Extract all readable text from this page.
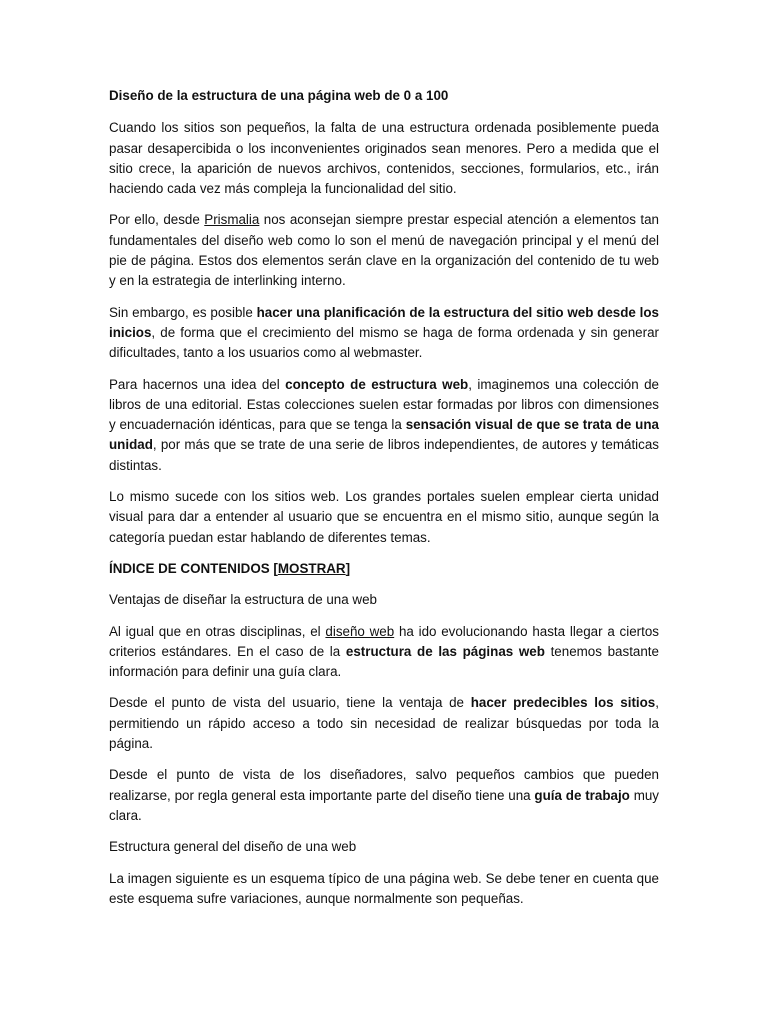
Diseño de la estructura de una página web de 0 a 100

Cuando los sitios son pequeños, la falta de una estructura ordenada posiblemente pueda pasar desapercibida o los inconvenientes originados sean menores. Pero a medida que el sitio crece, la aparición de nuevos archivos, contenidos, secciones, formularios, etc., irán haciendo cada vez más compleja la funcionalidad del sitio.

Por ello, desde Prismalia nos aconsejan siempre prestar especial atención a elementos tan fundamentales del diseño web como lo son el menú de navegación principal y el menú del pie de página. Estos dos elementos serán clave en la organización del contenido de tu web y en la estrategia de interlinking interno.

Sin embargo, es posible hacer una planificación de la estructura del sitio web desde los inicios, de forma que el crecimiento del mismo se haga de forma ordenada y sin generar dificultades, tanto a los usuarios como al webmaster.

Para hacernos una idea del concepto de estructura web, imaginemos una colección de libros de una editorial. Estas colecciones suelen estar formadas por libros con dimensiones y encuadernación idénticas, para que se tenga la sensación visual de que se trata de una unidad, por más que se trate de una serie de libros independientes, de autores y temáticas distintas.

Lo mismo sucede con los sitios web. Los grandes portales suelen emplear cierta unidad visual para dar a entender al usuario que se encuentra en el mismo sitio, aunque según la categoría puedan estar hablando de diferentes temas.

ÍNDICE DE CONTENIDOS [MOSTRAR]

Ventajas de diseñar la estructura de una web

Al igual que en otras disciplinas, el diseño web ha ido evolucionando hasta llegar a ciertos criterios estándares. En el caso de la estructura de las páginas web tenemos bastante información para definir una guía clara.

Desde el punto de vista del usuario, tiene la ventaja de hacer predecibles los sitios, permitiendo un rápido acceso a todo sin necesidad de realizar búsquedas por toda la página.

Desde el punto de vista de los diseñadores, salvo pequeños cambios que pueden realizarse, por regla general esta importante parte del diseño tiene una guía de trabajo muy clara.

Estructura general del diseño de una web

La imagen siguiente es un esquema típico de una página web. Se debe tener en cuenta que este esquema sufre variaciones, aunque normalmente son pequeñas.
